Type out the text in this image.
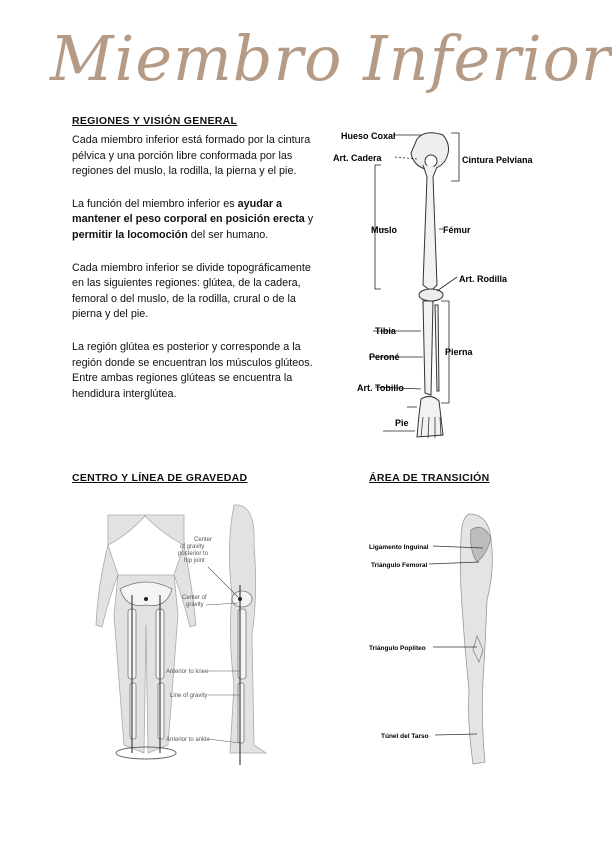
Miembro Inferior
REGIONES Y VISIÓN GENERAL

Cada miembro inferior está formado por la cintura pélvica y una porción libre conformada por las regiones del muslo, la rodilla, la pierna y el pie.

La función del miembro inferior es ayudar a mantener el peso corporal en posición erecta y permitir la locomoción del ser humano.

Cada miembro inferior se divide topográficamente en las siguientes regiones: glútea, de la cadera, femoral o del muslo, de la rodilla, crural o de la pierna y del pie.

La región glútea es posterior y corresponde a la región donde se encuentran los músculos glúteos. Entre ambas regiones glúteas se encuentra la hendidura interglútea.

Hueso Coxal
Art. Cadera	Cintura Pelviana
Muslo	Fémur
Art. Rodilla
Tibia
Pierna
Peroné
Art. Tobillo
Pie
CENTRO Y LÍNEA DE GRAVEDAD	ÁREA DE TRANSICIÓN
Center
of gravity
posterior to
hip joint
Center of
gravity
Anterior to knee
Line of gravity
Anterior to ankle
Ligamento Inguinal
Triángulo Femoral
Triángulo Popliteo
Túnel del Tarso
